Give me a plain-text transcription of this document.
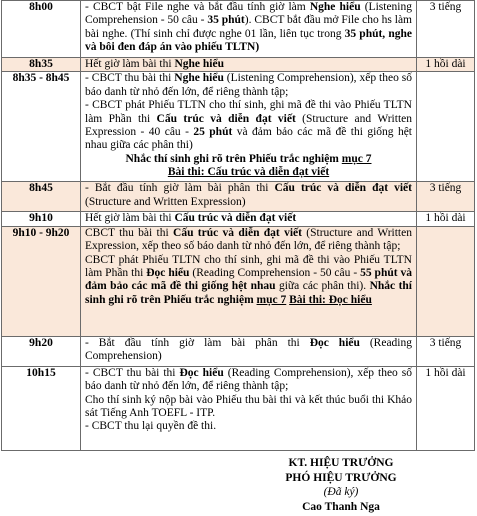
8h00	- CBCT bật File nghe và bắt đầu tính giờ làm Nghe hiểu (Listening Comprehension - 50 câu - 35 phút). CBCT bắt đầu mở File cho hs làm bài nghe. (Thí sinh chỉ được nghe 01 lần, liên tục trong 35 phút, nghe và bôi đen đáp án vào phiếu TLTN)	3 tiếng
8h35	Hết giờ làm bài thi Nghe hiểu	1 hồi dài
8h35 - 8h45	- CBCT thu bài thi Nghe hiểu (Listening Comprehension), xếp theo số báo danh từ nhỏ đến lớn, để riêng thành tập;
- CBCT phát Phiếu TLTN cho thí sinh, ghi mã đề thi vào Phiếu TLTN làm Phần thi Cấu trúc và diễn đạt viết (Structure and Written Expression - 40 câu - 25 phút và đảm bảo các mã đề thi giống hệt nhau giữa các phân thi)
Nhắc thí sinh ghi rõ trên Phiếu trắc nghiệm mục 7
Bài thi: Cấu trúc và diễn đạt viết	

8h45	- Bắt đầu tính giờ làm bài phân thi Cấu trúc và diễn đạt viết (Structure and Written Expression)	3 tiếng
9h10	Hết giờ làm bài thi Cấu trúc và diễn đạt viết	1 hồi dài
9h10 - 9h20	CBCT thu bài thi Cấu trúc và diễn đạt viết (Structure and Written Expression, xếp theo số báo danh từ nhỏ đến lớn, để riêng thành tập;
CBCT phát Phiếu TLTN cho thí sinh, ghi mã đề thi vào Phiếu TLTN làm Phần thi Đọc hiểu (Reading Comprehension - 50 câu - 55 phút và đảm bảo các mã đề thi giống hệt nhau giữa các phân thi). Nhắc thí sinh ghi rõ trên Phiếu trắc nghiệm mục 7 Bài thi: Đọc hiểu	
9h20	- Bắt đầu tính giờ làm bài phân thi Đọc hiểu (Reading Comprehension)	3 tiếng
10h15	- CBCT thu bài thi Đọc hiểu (Reading Comprehension), xếp theo số báo danh từ nhỏ đến lớn, để riêng thành tập;
Cho thí sinh ký nộp bài vào Phiếu thu bài thi và kết thúc buổi thi Khảo sát Tiếng Anh TOEFL - ITP.
- CBCT thu lại quyền đề thi.	1 hồi dài
KT. HIỆU TRƯỞNG
PHÓ HIỆU TRƯỞNG
(Đã ký)
Cao Thanh Nga
